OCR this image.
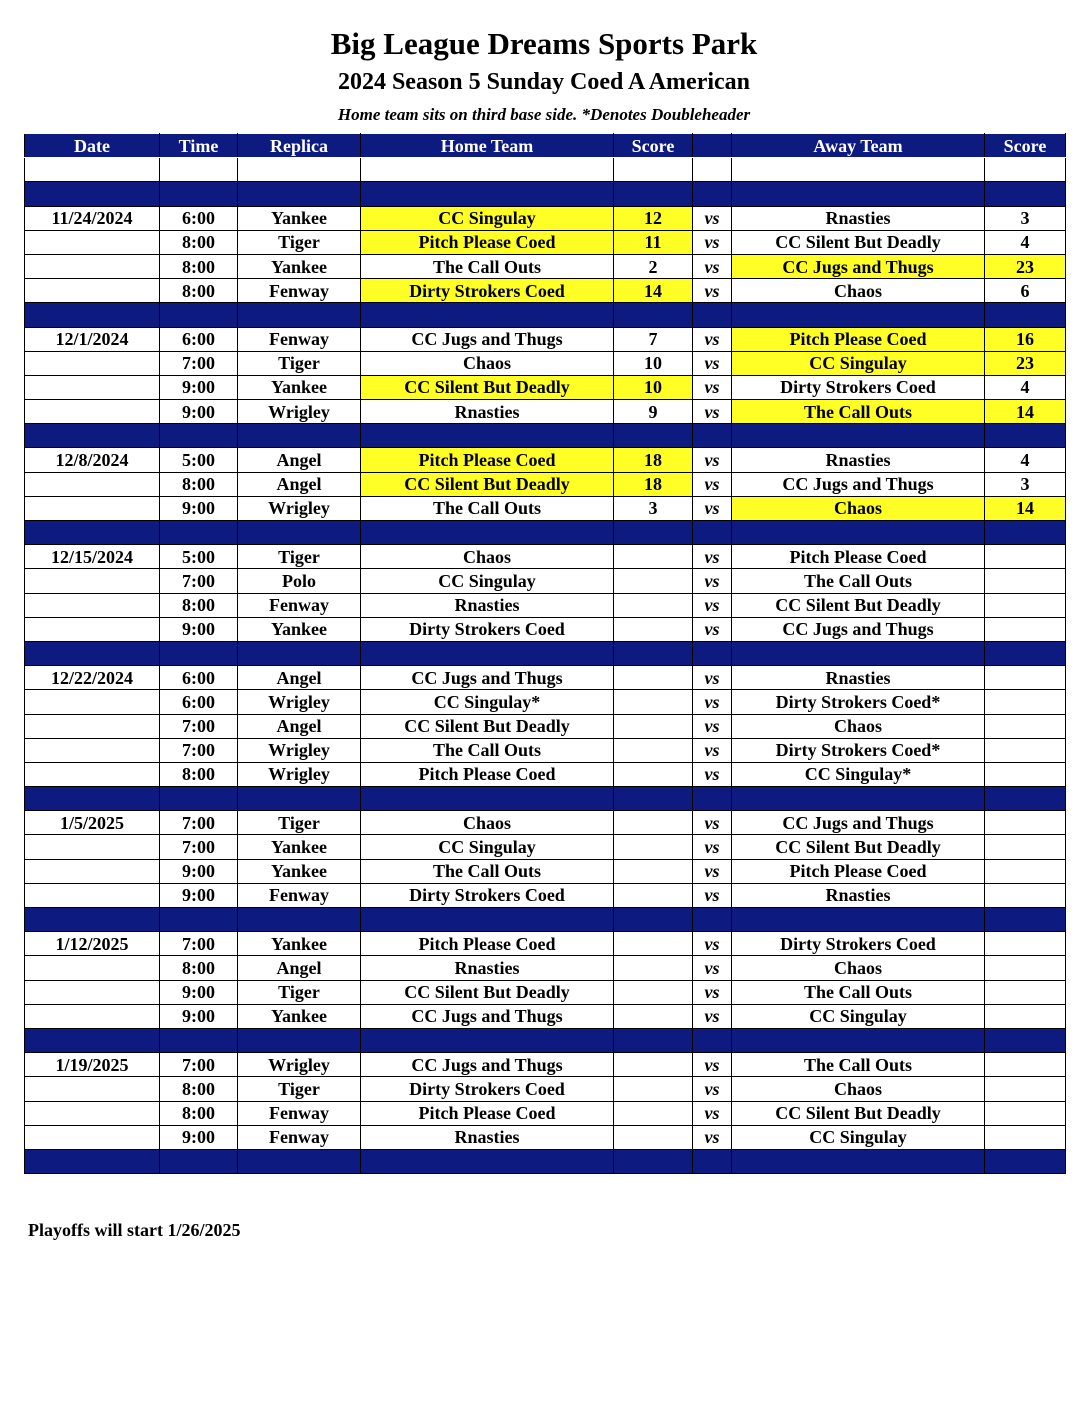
Big League Dreams Sports Park
2024 Season 5 Sunday Coed A American
Home team sits on third base side. *Denotes Doubleheader
Date	Time	Replica	Home Team	Score		Away Team	Score

11/24/2024	6:00	Yankee	CC Singulay	12	vs	Rnasties	3
	8:00	Tiger	Pitch Please Coed	11	vs	CC Silent But Deadly	4
	8:00	Yankee	The Call Outs	2	vs	CC Jugs and Thugs	23
	8:00	Fenway	Dirty Strokers Coed	14	vs	Chaos	6

12/1/2024	6:00	Fenway	CC Jugs and Thugs	7	vs	Pitch Please Coed	16
	7:00	Tiger	Chaos	10	vs	CC Singulay	23
	9:00	Yankee	CC Silent But Deadly	10	vs	Dirty Strokers Coed	4
	9:00	Wrigley	Rnasties	9	vs	The Call Outs	14

12/8/2024	5:00	Angel	Pitch Please Coed	18	vs	Rnasties	4
	8:00	Angel	CC Silent But Deadly	18	vs	CC Jugs and Thugs	3
	9:00	Wrigley	The Call Outs	3	vs	Chaos	14

12/15/2024	5:00	Tiger	Chaos		vs	Pitch Please Coed	
	7:00	Polo	CC Singulay		vs	The Call Outs	
	8:00	Fenway	Rnasties		vs	CC Silent But Deadly	
	9:00	Yankee	Dirty Strokers Coed		vs	CC Jugs and Thugs	

12/22/2024	6:00	Angel	CC Jugs and Thugs		vs	Rnasties	
	6:00	Wrigley	CC Singulay*		vs	Dirty Strokers Coed*	
	7:00	Angel	CC Silent But Deadly		vs	Chaos	
	7:00	Wrigley	The Call Outs		vs	Dirty Strokers Coed*	
	8:00	Wrigley	Pitch Please Coed		vs	CC Singulay*	

1/5/2025	7:00	Tiger	Chaos		vs	CC Jugs and Thugs	
	7:00	Yankee	CC Singulay		vs	CC Silent But Deadly	
	9:00	Yankee	The Call Outs		vs	Pitch Please Coed	
	9:00	Fenway	Dirty Strokers Coed		vs	Rnasties	

1/12/2025	7:00	Yankee	Pitch Please Coed		vs	Dirty Strokers Coed	
	8:00	Angel	Rnasties		vs	Chaos	
	9:00	Tiger	CC Silent But Deadly		vs	The Call Outs	
	9:00	Yankee	CC Jugs and Thugs		vs	CC Singulay	

1/19/2025	7:00	Wrigley	CC Jugs and Thugs		vs	The Call Outs	
	8:00	Tiger	Dirty Strokers Coed		vs	Chaos	
	8:00	Fenway	Pitch Please Coed		vs	CC Silent But Deadly	
	9:00	Fenway	Rnasties		vs	CC Singulay	

Playoffs will start 1/26/2025
